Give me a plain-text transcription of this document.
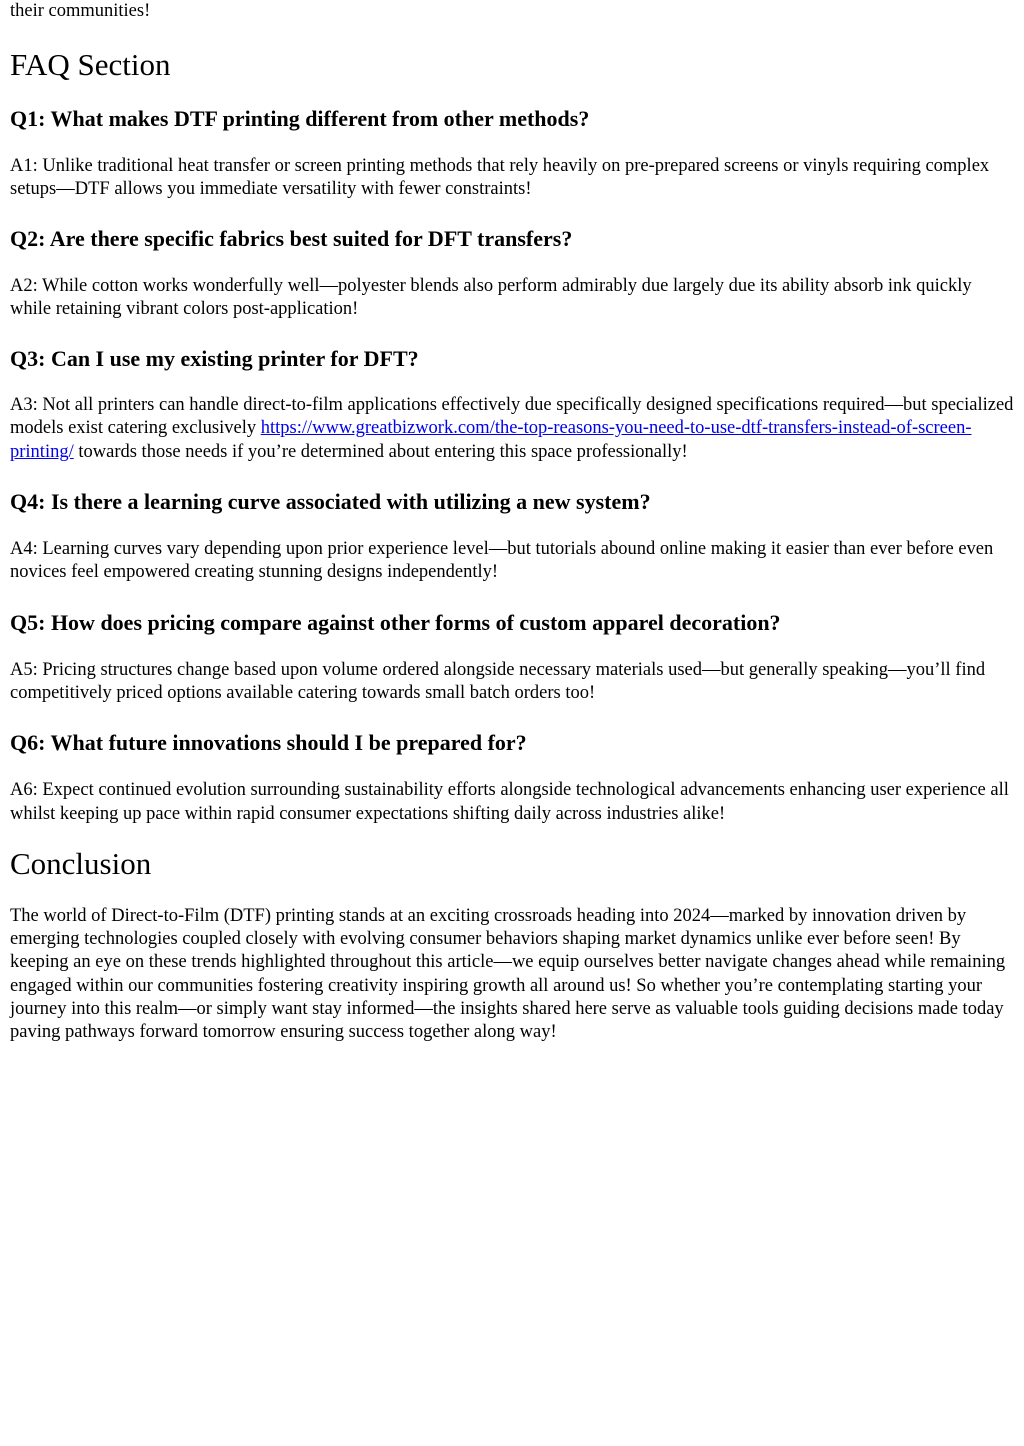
their communities!

FAQ Section
Q1: What makes DTF printing different from other methods?

A1: Unlike traditional heat transfer or screen printing methods that rely heavily on pre-prepared screens or vinyls requiring complex setups—DTF allows you immediate versatility with fewer constraints!

Q2: Are there specific fabrics best suited for DFT transfers?

A2: While cotton works wonderfully well—polyester blends also perform admirably due largely due its ability absorb ink quickly while retaining vibrant colors post-application!

Q3: Can I use my existing printer for DFT?

A3: Not all printers can handle direct-to-film applications effectively due specifically designed specifications required—but specialized models exist catering exclusively https://www.greatbizwork.com/the-top-reasons-you-need-to-use-dtf-transfers-instead-of-screen-printing/ towards those needs if you’re determined about entering this space professionally!

Q4: Is there a learning curve associated with utilizing a new system?

A4: Learning curves vary depending upon prior experience level—but tutorials abound online making it easier than ever before even novices feel empowered creating stunning designs independently!

Q5: How does pricing compare against other forms of custom apparel decoration?

A5: Pricing structures change based upon volume ordered alongside necessary materials used—but generally speaking—you’ll find competitively priced options available catering towards small batch orders too!

Q6: What future innovations should I be prepared for?

A6: Expect continued evolution surrounding sustainability efforts alongside technological advancements enhancing user experience all whilst keeping up pace within rapid consumer expectations shifting daily across industries alike!

Conclusion

The world of Direct-to-Film (DTF) printing stands at an exciting crossroads heading into 2024—marked by innovation driven by emerging technologies coupled closely with evolving consumer behaviors shaping market dynamics unlike ever before seen! By keeping an eye on these trends highlighted throughout this article—we equip ourselves better navigate changes ahead while remaining engaged within our communities fostering creativity inspiring growth all around us! So whether you’re contemplating starting your journey into this realm—or simply want stay informed—the insights shared here serve as valuable tools guiding decisions made today paving pathways forward tomorrow ensuring success together along way!
